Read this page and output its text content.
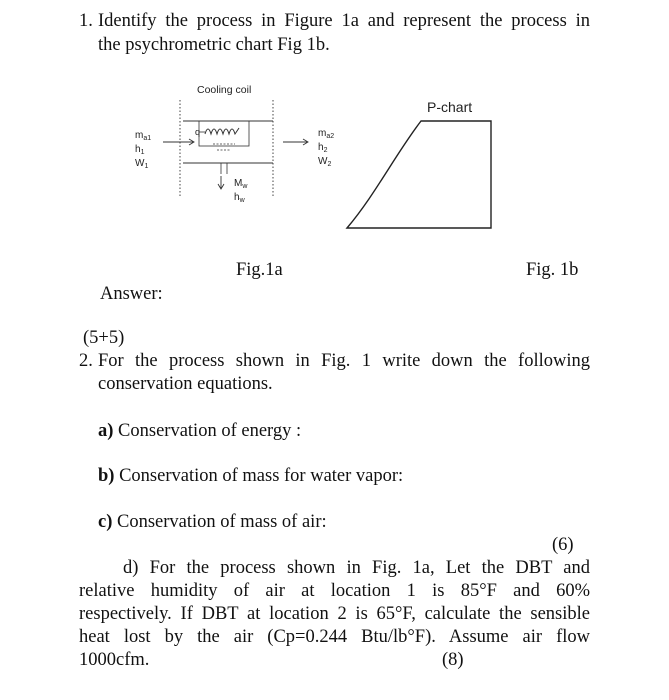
1. Identify the process in Figure 1a and represent the process in
the psychrometric chart Fig 1b.
Cooling coil
q
$m_{a1}$
$h_1$
$W_1$
$m_{a2}$
$h_2$
$W_2$
$M_w$
$h_w$
P-chart
Fig.1a	Fig. 1b
Answer:
(5+5)
2. For the process shown in Fig. 1 write down the following
conservation equations.
a) Conservation of energy :
b) Conservation of mass for water vapor:
c) Conservation of mass of air:
(6)
d) For the process shown in Fig. 1a, Let the DBT and
relative humidity of air at location 1 is 85°F and 60%
respectively. If DBT at location 2 is 65°F, calculate the sensible
heat lost by the air (Cp=0.244 Btu/lb°F). Assume air flow
1000cfm.	(8)
